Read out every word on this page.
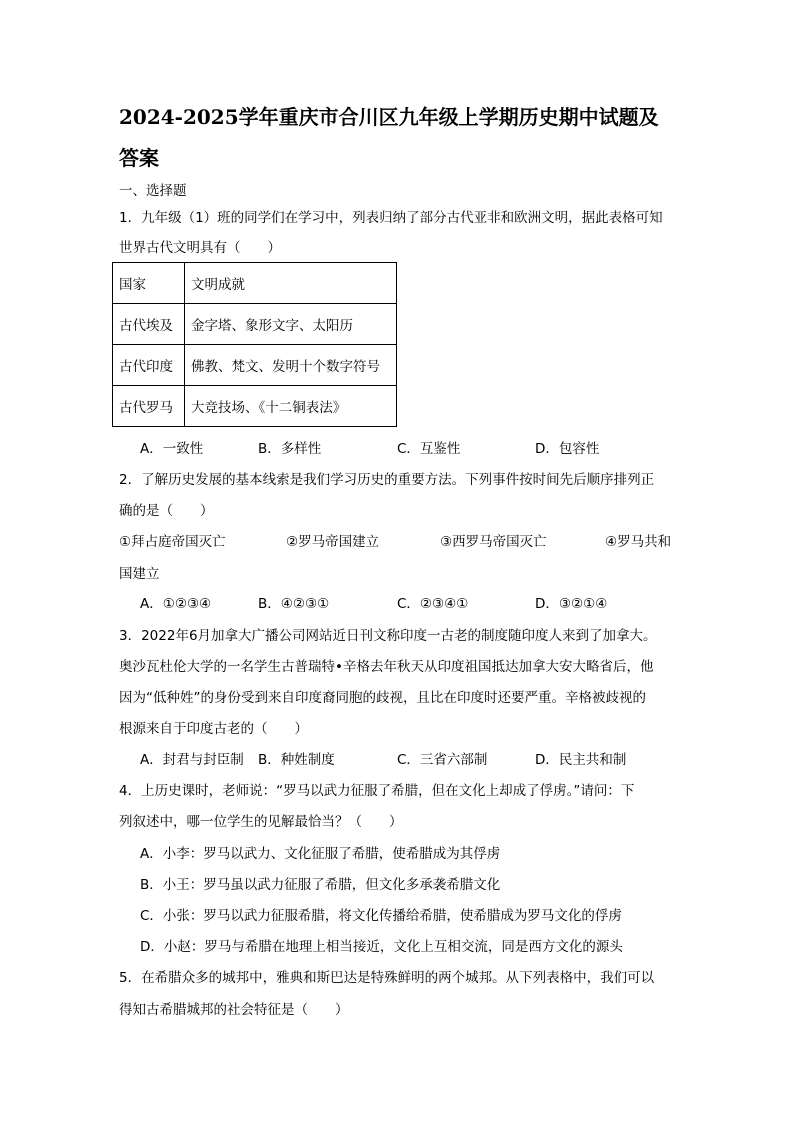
2024-2025学年重庆市合川区九年级上学期历史期中试题及
答案
一、选择题
1．九年级（1）班的同学们在学习中，列表归纳了部分古代亚非和欧洲文明，据此表格可知
世界古代文明具有（　　）
国家	文明成就
古代埃及	金字塔、象形文字、太阳历
古代印度	佛教、梵文、发明十个数字符号
古代罗马	大竞技场、《十二铜表法》
A．一致性	B．多样性	C．互鉴性	D．包容性
2．了解历史发展的基本线索是我们学习历史的重要方法。下列事件按时间先后顺序排列正
确的是（　　）
①拜占庭帝国灭亡	②罗马帝国建立	③西罗马帝国灭亡	④罗马共和
国建立
A．①②③④	B．④②③①	C．②③④①	D．③②①④
3．2022年6月加拿大广播公司网站近日刊文称印度一古老的制度随印度人来到了加拿大。
奥沙瓦杜伦大学的一名学生古普瑞特•辛格去年秋天从印度祖国抵达加拿大安大略省后，他
因为“低种姓”的身份受到来自印度裔同胞的歧视，且比在印度时还要严重。辛格被歧视的
根源来自于印度古老的（　　）
A．封君与封臣制 B．种姓制度	C．三省六部制	D．民主共和制
4．上历史课时，老师说：“罗马以武力征服了希腊，但在文化上却成了俘虏。”请问：下
列叙述中，哪一位学生的见解最恰当？（　　）
A．小李：罗马以武力、文化征服了希腊，使希腊成为其俘虏
B．小王：罗马虽以武力征服了希腊，但文化多承袭希腊文化
C．小张：罗马以武力征服希腊，将文化传播给希腊，使希腊成为罗马文化的俘虏
D．小赵：罗马与希腊在地理上相当接近，文化上互相交流，同是西方文化的源头
5．在希腊众多的城邦中，雅典和斯巴达是特殊鲜明的两个城邦。从下列表格中，我们可以
得知古希腊城邦的社会特征是（　　）
